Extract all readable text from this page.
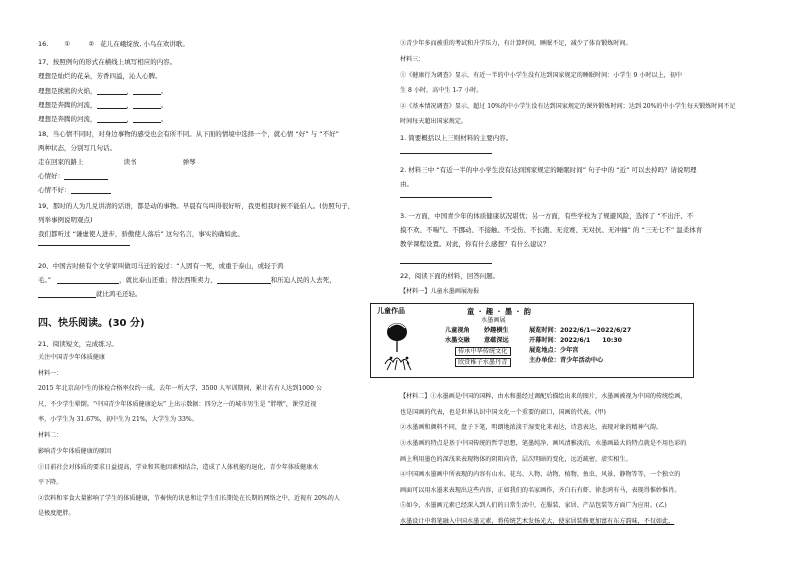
16. ①	② 花儿在峨绽放, 小鸟在欢讲歌。
17、按照例句的形式在横线上填写相应的内容。
理想是灿烂的花朵，芳香四溢，沁人心脾。
理想是熊熊的火焰，	，	。
理想是奔腾的河流，	，	。
理想是奔腾的河流，	，	。
18、当心情不同时，对身边事物的感受也会有所不同。从下面的情境中选择一个，就心情 “好” 与 “不好”
两种状态，分别写几句话。
走在回家的路上	读书	弹琴
心情好：
心情不好：
19、那时的人为几兑讲清的话语，都是动的事物。早晨有鸟叫得很好听，我更相我时候不能伯人。(仿照句子，
列举事例说明观点)
我们都听过 “谦虚使人进步，骄傲使人落后” 这句名言，事实的确如此。
20、中国古时候有个文学家叫做司马迁的说过：“人固有一死，或重于泰山，或轻于鸿
毛。”	，就比泰山还重；替法西斯卖力，	和压迫人民的人去死，
就比鸿毛还轻。
四、快乐阅读。(30 分)
21、阅读短文，完成练习。
关注中国青少年体质健康
材料一：
2015 年北京高中生的体检合格率仅约一成。去年一所大学，3500 人军训期间，累计若有人达到1000 公
尺，不少学生晕倒。“中国青少年体质健康论坛” 上出示数据：四分之一的城市男生是 “胖墩”，课堂近视
率，小学生为 31.67%，初中生为 21%，大学生为 33%。
材料二：
影响青少年体质健康的原因
①目前社会对体质的要求日益提高，学业和其他因素相结合，造成了人体机能的退化，青少年体质健康水
平下降。
②饮料和零食大量影响了学生的体质健康，节奏快的讯息和让学生们长期处在长期的网络之中，近视有 20%的人
是极度肥胖。
③青少年多而被重的考试和升学压力，有计算时间，睡眠不足，减少了体育锻炼时间。
材料三：
①《健康行为调查》显示，有近一半的中小学生没有达到国家规定的睡眠时间：小学生 9 小时以上，初中
生 8 小时，高中生 1-7 小时。
②《基本情况调查》显示，超过 10%的中小学生没有达到国家规定的课外锻炼时间；达到 20%的中小学生每天锻炼时间不足
时间每天超出国家规定。
1. 简要概括以上三则材料的主要内容。
2. 材料三中 “有近一半的中小学生没有达到国家规定的睡眠时间” 句子中的 “近” 可以去掉吗？请说明理
由。
3. 一方面，中国青少年的体质健康状况堪忧；另一方面，有些学校为了规避风险，选择了 “不出汗、不
摸不欢、不喘气、不挪动、不接触、不受伤、不长跑、无竞赛、无对抗、无冲撞” 的 “三无七不” 温柔体育
教学课程设置。对此，你有什么感想？有什么建议？
22、阅读下面的材料，回答问题。
【材料一】儿童水墨画展海报
【材料二】①水墨画是中国的国粹，由水和墨经过调配后描绘出来的图片，水墨画被视为中国的传统绘画，
也是国画的代表，也是世界认识中国文化一个重要的窗口，国画的代表。(甲)
②水墨画和颜料不同，盘子下笔，明朗地浓淡干湿变化来表达，诗意表达，表现对象的精神气韵。
③水墨画的特点是基于中国传统的哲学思想，笔墨纯净，画风清雅淡泊，水墨画最大的特点就是不用色彩的
画上利用墨色的深浅来表现物体的阴阳向背，层次明暗的变化，远近疏密，虚实相生。
④中国画水墨画中所表现的内容有山水、花鸟、人物、动物、植物、鱼虫、风景、静物等等，一个独立的
画面可以用水墨来表现出这些内容，正如我们的名家画作，齐白石有虾、徐悲鸿有马，表现得惟妙惟肖。
⑤如今，水墨画元素已经深入到人们的日常生活中，在服装、家居、产品包装等方面广为应用。(乙)
水墨设计中将笔融入中国水墨元素，将传统艺术发扬光大，使家居装修更加富有东方韵味，不仅如此，
儿童作品	童 · 趣 · 墨 · 韵
水墨画展
儿童视角 妙趣横生
水墨交融 意蕴深远
传承中华传统文化
欣赏稚子水墨丹青
展览时间：2022/6/1—2022/6/27
开幕时间：2022/6/1 10:30
展览地点：少年宫
主办单位：青少年活动中心
